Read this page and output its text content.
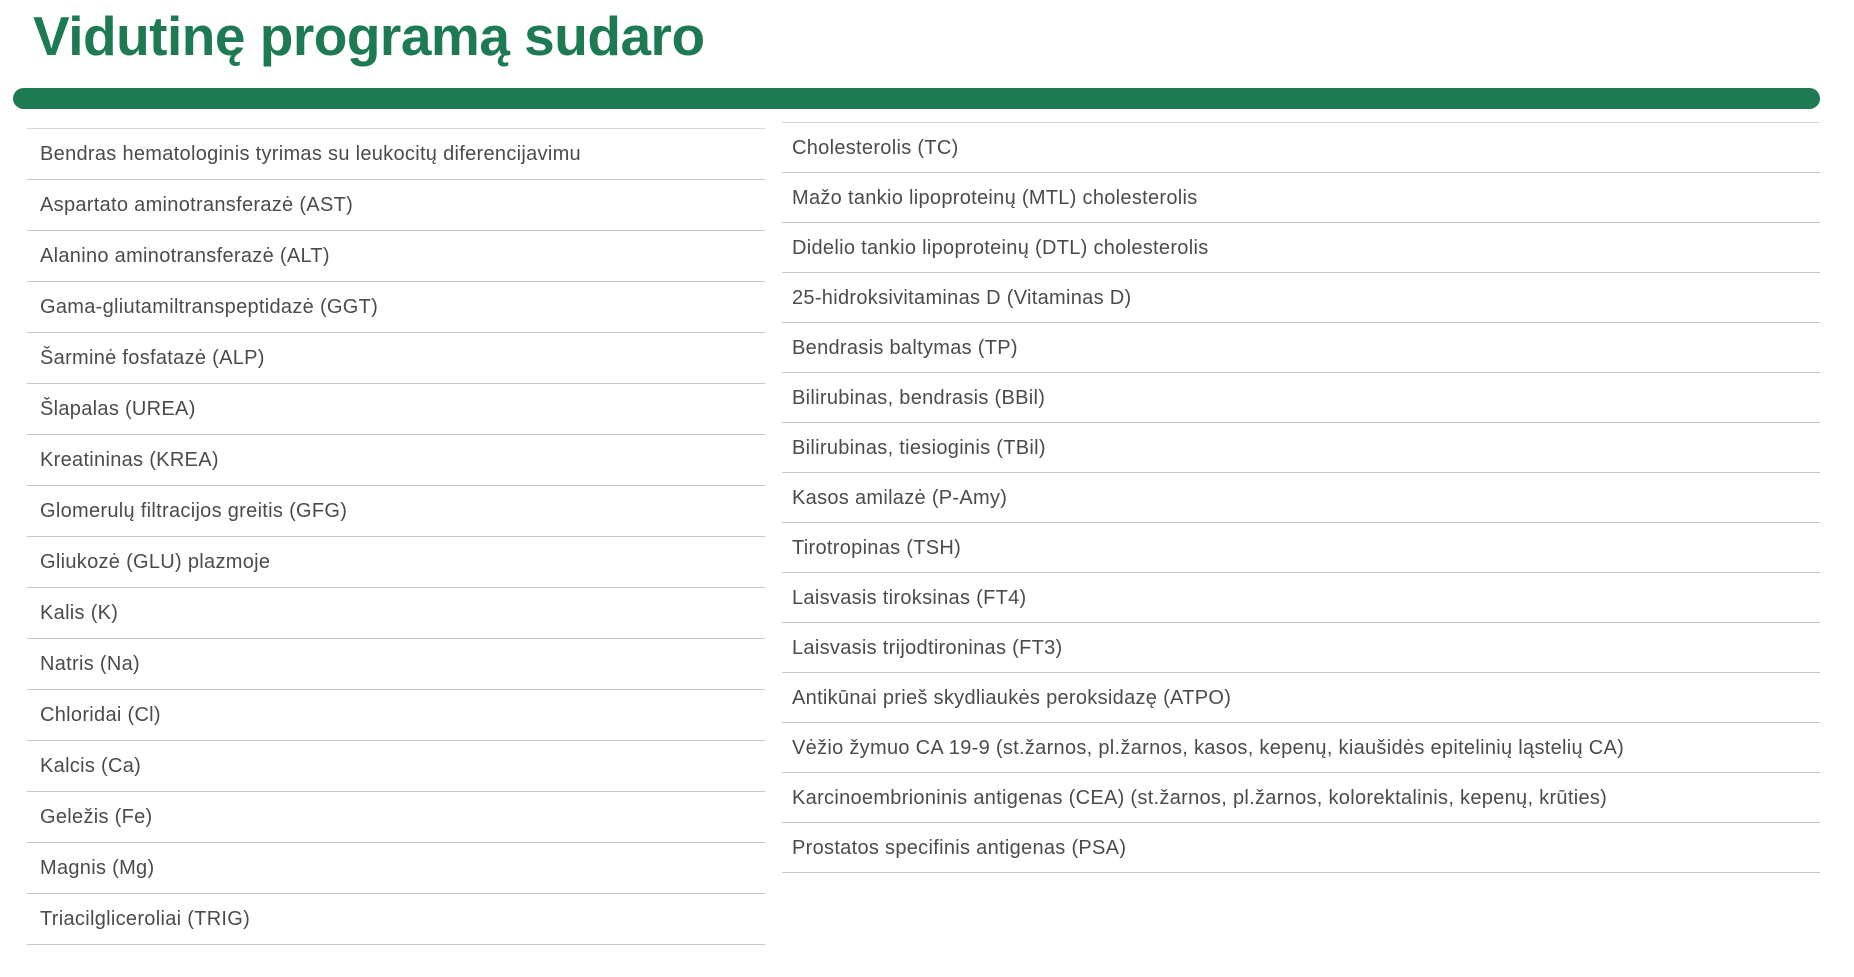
Vidutinę programą sudaro
Bendras hematologinis tyrimas su leukocitų diferencijavimu
Aspartato aminotransferazė (AST)
Alanino aminotransferazė (ALT)
Gama-gliutamiltranspeptidazė (GGT)
Šarminė fosfatazė (ALP)
Šlapalas (UREA)
Kreatininas (KREA)
Glomerulų filtracijos greitis (GFG)
Gliukozė (GLU) plazmoje
Kalis (K)
Natris (Na)
Chloridai (Cl)
Kalcis (Ca)
Geležis (Fe)
Magnis (Mg)
Triacilgliceroliai (TRIG)
Cholesterolis (TC)
Mažo tankio lipoproteinų (MTL) cholesterolis
Didelio tankio lipoproteinų (DTL) cholesterolis
25-hidroksivitaminas D (Vitaminas D)
Bendrasis baltymas (TP)
Bilirubinas, bendrasis (BBil)
Bilirubinas, tiesioginis (TBil)
Kasos amilazė (P-Amy)
Tirotropinas (TSH)
Laisvasis tiroksinas (FT4)
Laisvasis trijodtironinas (FT3)
Antikūnai prieš skydliaukės peroksidazę (ATPO)
Vėžio žymuo CA 19-9 (st.žarnos, pl.žarnos, kasos, kepenų, kiaušidės epitelinių ląstelių CA)
Karcinoembrioninis antigenas (CEA) (st.žarnos, pl.žarnos, kolorektalinis, kepenų, krūties)
Prostatos specifinis antigenas (PSA)
